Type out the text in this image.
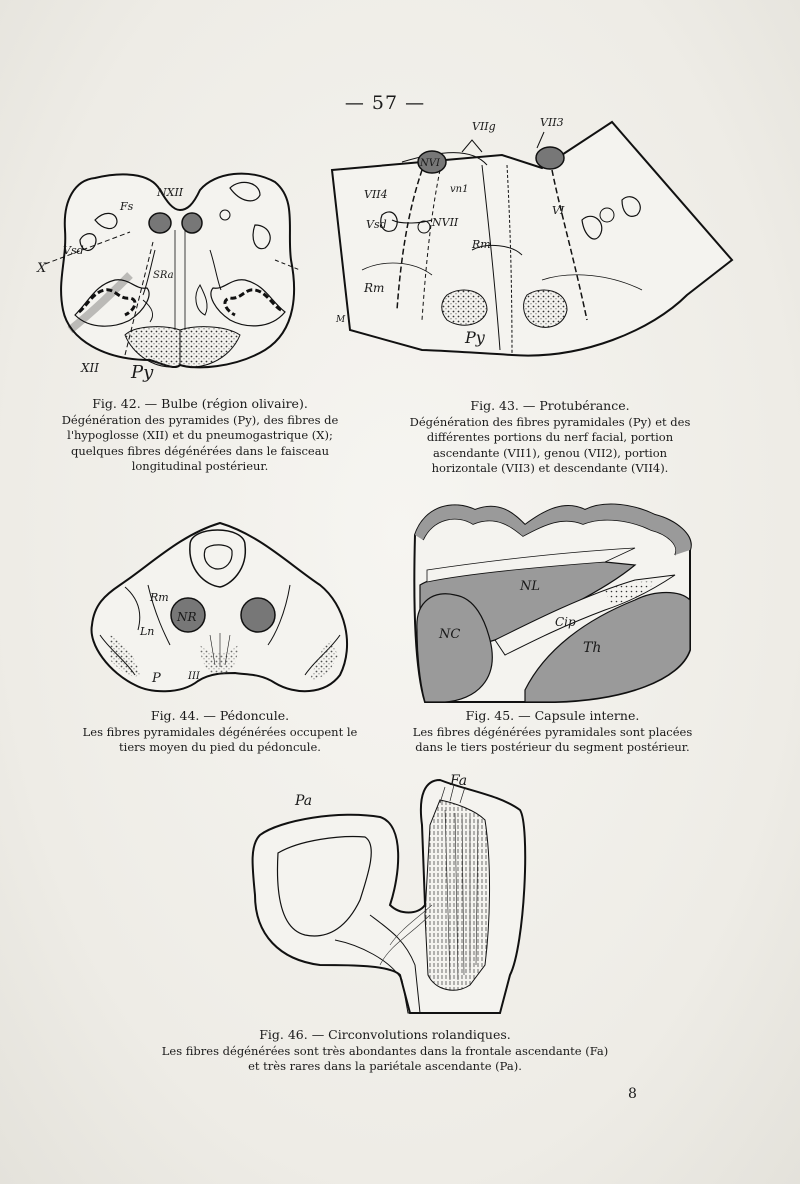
— 57 —
NXII
Fs
Vsd
X	SRa
XII Py
Fig. 42. — Bulbe (région olivaire).
Dégénération des pyramides (Py), des fibres de l'hypoglosse (XII) et du pneumogastrique (X); quelques fibres dégénérées dans le faisceau longitudinal postérieur.
VIIg	VII3
NVI
vn1
VII4
VI
Vsd	NVII
Rm
Rm
Py
M
Fig. 43. — Protubérance.
Dégénération des fibres pyramidales (Py) et des différentes portions du nerf facial, portion ascendante (VII1), genou (VII2), portion horizontale (VII3) et descendante (VII4).
Rm
NR
Ln
P	III
Fig. 44. — Pédoncule.
Les fibres pyramidales dégénérées occupent le tiers moyen du pied du pédoncule.
NL
NC
Cip
Th
Fig. 45. — Capsule interne.
Les fibres dégénérées pyramidales sont placées dans le tiers postérieur du segment postérieur.
Pa
Fa
Fig. 46. — Circonvolutions rolandiques.
Les fibres dégénérées sont très abondantes dans la frontale ascendante (Fa) et très rares dans la pariétale ascendante (Pa).
8
